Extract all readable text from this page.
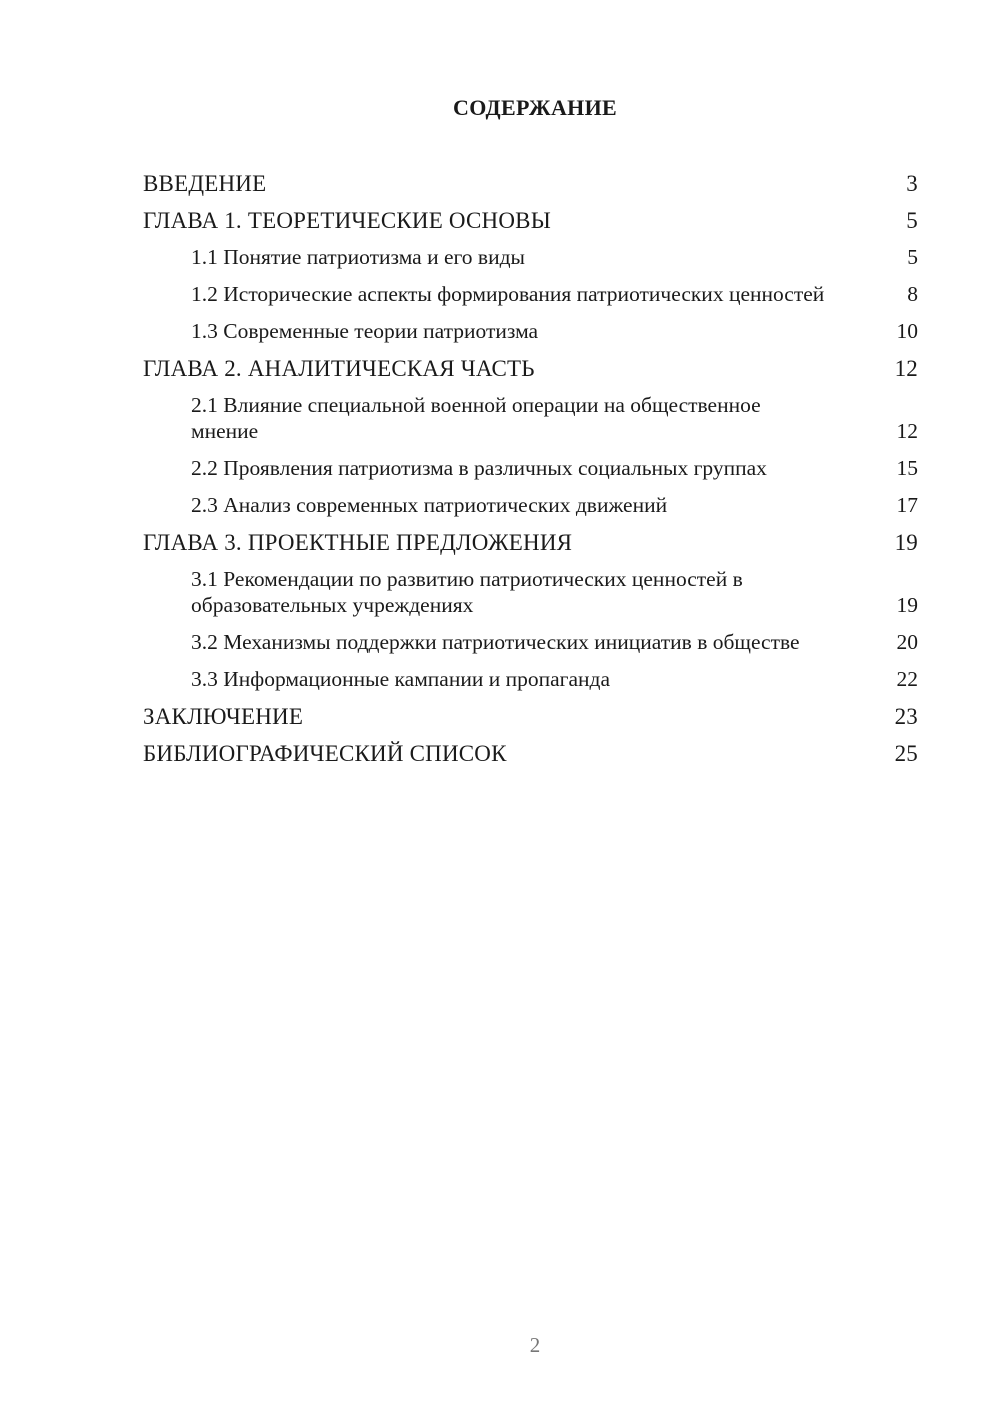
СОДЕРЖАНИЕ
ВВЕДЕНИЕ	3
ГЛАВА 1. ТЕОРЕТИЧЕСКИЕ ОСНОВЫ	5
1.1 Понятие патриотизма и его виды	5
1.2 Исторические аспекты формирования патриотических ценностей	8
1.3 Современные теории патриотизма	10
ГЛАВА 2. АНАЛИТИЧЕСКАЯ ЧАСТЬ	12
2.1 Влияние специальной военной операции на общественное мнение	12
2.2 Проявления патриотизма в различных социальных группах	15
2.3 Анализ современных патриотических движений	17
ГЛАВА 3. ПРОЕКТНЫЕ ПРЕДЛОЖЕНИЯ	19
3.1 Рекомендации по развитию патриотических ценностей в образовательных учреждениях	19
3.2 Механизмы поддержки патриотических инициатив в обществе	20
3.3 Информационные кампании и пропаганда	22
ЗАКЛЮЧЕНИЕ	23
БИБЛИОГРАФИЧЕСКИЙ СПИСОК	25
2
